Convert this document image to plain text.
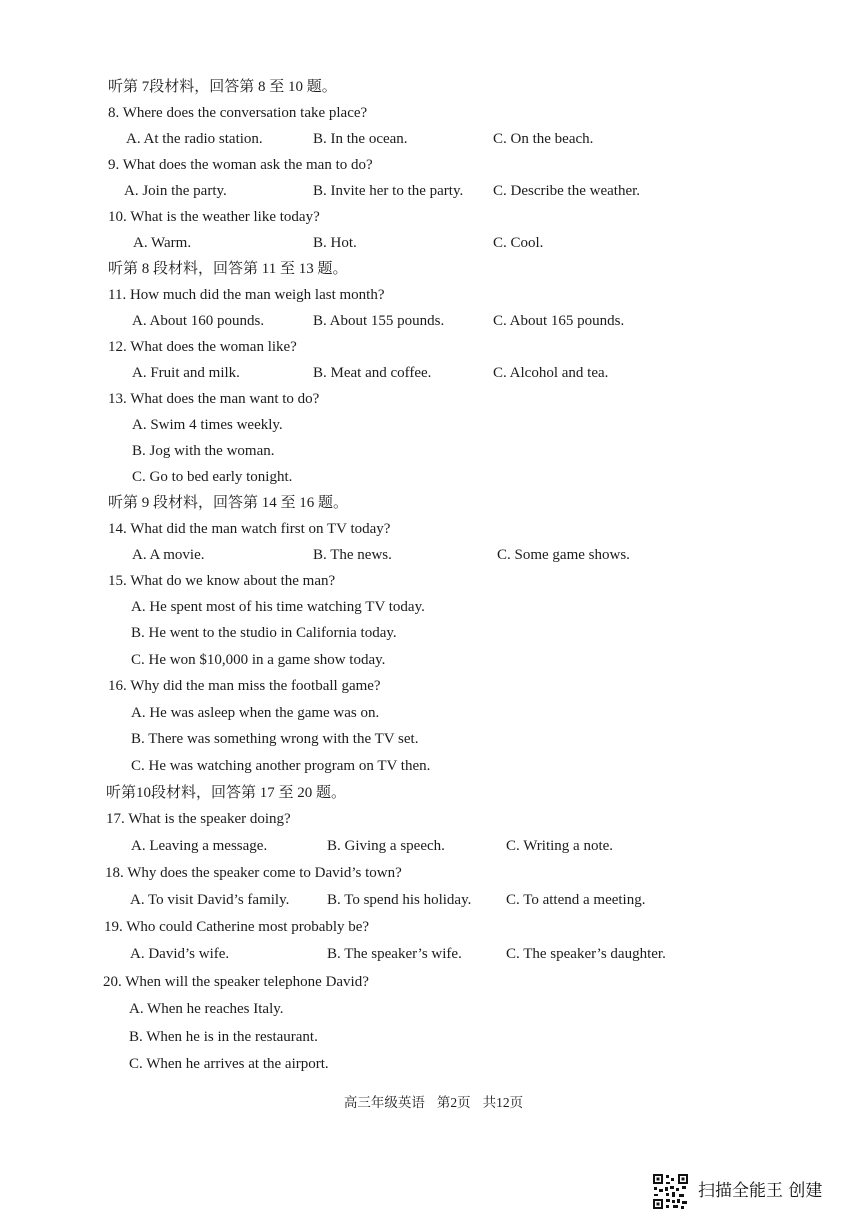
听第 7段材料，回答第 8 至 10 题。
8. Where does the conversation take place?
A. At the radio station.	B. In the ocean.	C. On the beach.
9. What does the woman ask the man to do?
A. Join the party.	B. Invite her to the party. C. Describe the weather.
10. What is the weather like today?
A. Warm.	B. Hot.	C. Cool.
听第 8 段材料，回答第 11 至 13 题。
11. How much did the man weigh last month?
A. About 160 pounds.	B. About 155 pounds.	C. About 165 pounds.
12. What does the woman like?
A. Fruit and milk.	B. Meat and coffee.	C. Alcohol and tea.
13. What does the man want to do?
A. Swim 4 times weekly.
B. Jog with the woman.
C. Go to bed early tonight.
听第 9 段材料，回答第 14 至 16 题。
14. What did the man watch first on TV today?
A. A movie.	B. The news.	C. Some game shows.
15. What do we know about the man?
A. He spent most of his time watching TV today.
B. He went to the studio in California today.
C. He won $10,000 in a game show today.
16. Why did the man miss the football game?
A. He was asleep when the game was on.
B. There was something wrong with the TV set.
C. He was watching another program on TV then.
听第10段材料，回答第 17 至 20 题。
17. What is the speaker doing?
A. Leaving a message.	B. Giving a speech.	C. Writing a note.
18. Why does the speaker come to David’s town?
A. To visit David’s family.	B. To spend his holiday. C. To attend a meeting.
19. Who could Catherine most probably be?
A. David’s wife.	B. The speaker’s wife.	C. The speaker’s daughter.
20. When will the speaker telephone David?
A. When he reaches Italy.
B. When he is in the restaurant.
C. When he arrives at the airport.
高三年级英语 第2页 共12页
扫描全能王 创建
